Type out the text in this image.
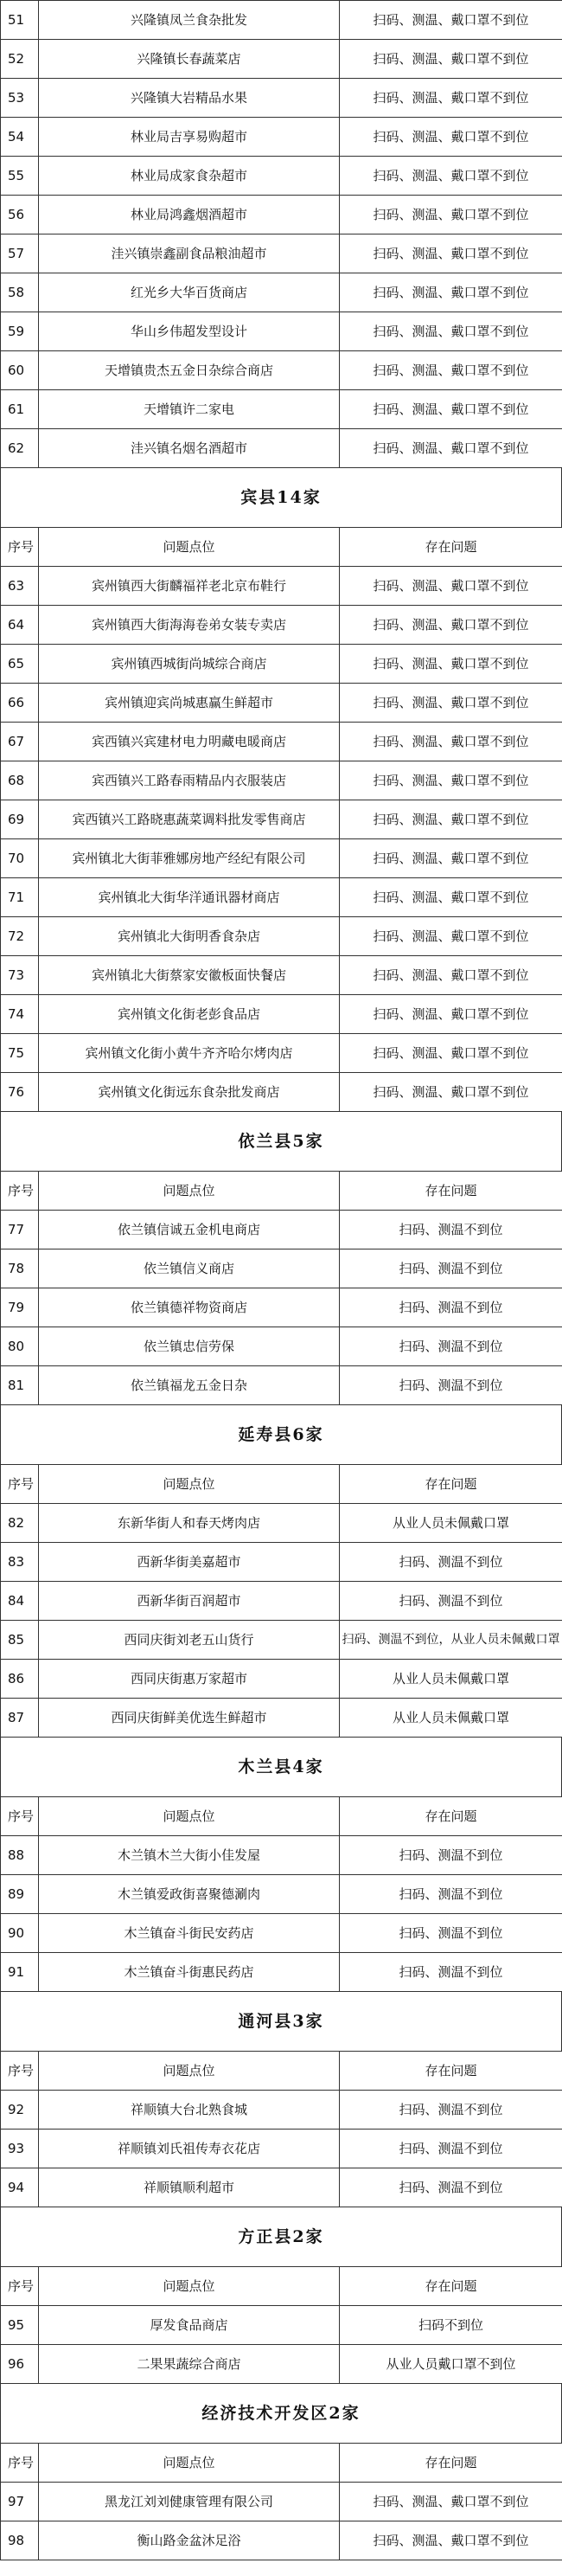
51	兴隆镇凤兰食杂批发	扫码、测温、戴口罩不到位
52	兴隆镇长春蔬菜店	扫码、测温、戴口罩不到位
53	兴隆镇大岩精品水果	扫码、测温、戴口罩不到位
54	林业局吉享易购超市	扫码、测温、戴口罩不到位
55	林业局成家食杂超市	扫码、测温、戴口罩不到位
56	林业局鸿鑫烟酒超市	扫码、测温、戴口罩不到位
57	洼兴镇崇鑫副食品粮油超市	扫码、测温、戴口罩不到位
58	红光乡大华百货商店	扫码、测温、戴口罩不到位
59	华山乡伟超发型设计	扫码、测温、戴口罩不到位
60	天增镇贵杰五金日杂综合商店	扫码、测温、戴口罩不到位
61	天增镇许二家电	扫码、测温、戴口罩不到位
62	洼兴镇名烟名酒超市	扫码、测温、戴口罩不到位
宾县14家
序号	问题点位	存在问题
63	宾州镇西大街麟福祥老北京布鞋行	扫码、测温、戴口罩不到位
64	宾州镇西大街海海卷弟女装专卖店	扫码、测温、戴口罩不到位
65	宾州镇西城街尚城综合商店	扫码、测温、戴口罩不到位
66	宾州镇迎宾尚城惠赢生鲜超市	扫码、测温、戴口罩不到位
67	宾西镇兴宾建材电力明藏电暖商店	扫码、测温、戴口罩不到位
68	宾西镇兴工路春雨精品内衣服装店	扫码、测温、戴口罩不到位
69	宾西镇兴工路晓惠蔬菜调料批发零售商店	扫码、测温、戴口罩不到位
70	宾州镇北大街菲雅娜房地产经纪有限公司	扫码、测温、戴口罩不到位
71	宾州镇北大街华洋通讯器材商店	扫码、测温、戴口罩不到位
72	宾州镇北大街明香食杂店	扫码、测温、戴口罩不到位
73	宾州镇北大街蔡家安徽板面快餐店	扫码、测温、戴口罩不到位
74	宾州镇文化街老彭食品店	扫码、测温、戴口罩不到位
75	宾州镇文化街小黄牛齐齐哈尔烤肉店	扫码、测温、戴口罩不到位
76	宾州镇文化街远东食杂批发商店	扫码、测温、戴口罩不到位
依兰县5家
序号	问题点位	存在问题
77	依兰镇信诚五金机电商店	扫码、测温不到位
78	依兰镇信义商店	扫码、测温不到位
79	依兰镇德祥物资商店	扫码、测温不到位
80	依兰镇忠信劳保	扫码、测温不到位
81	依兰镇福龙五金日杂	扫码、测温不到位
延寿县6家
序号	问题点位	存在问题
82	东新华街人和春天烤肉店	从业人员未佩戴口罩
83	西新华街美嘉超市	扫码、测温不到位
84	西新华街百润超市	扫码、测温不到位
85	西同庆街刘老五山货行	扫码、测温不到位，从业人员未佩戴口罩
86	西同庆街惠万家超市	从业人员未佩戴口罩
87	西同庆街鲜美优选生鲜超市	从业人员未佩戴口罩
木兰县4家
序号	问题点位	存在问题
88	木兰镇木兰大街小佳发屋	扫码、测温不到位
89	木兰镇爱政街喜聚德涮肉	扫码、测温不到位
90	木兰镇奋斗街民安药店	扫码、测温不到位
91	木兰镇奋斗街惠民药店	扫码、测温不到位
通河县3家
序号	问题点位	存在问题
92	祥顺镇大台北熟食城	扫码、测温不到位
93	祥顺镇刘氏祖传寿衣花店	扫码、测温不到位
94	祥顺镇顺利超市	扫码、测温不到位
方正县2家
序号	问题点位	存在问题
95	厚发食品商店	扫码不到位
96	二果果蔬综合商店	从业人员戴口罩不到位
经济技术开发区2家
序号	问题点位	存在问题
97	黑龙江刘刘健康管理有限公司	扫码、测温、戴口罩不到位
98	衡山路金盆沐足浴	扫码、测温、戴口罩不到位
